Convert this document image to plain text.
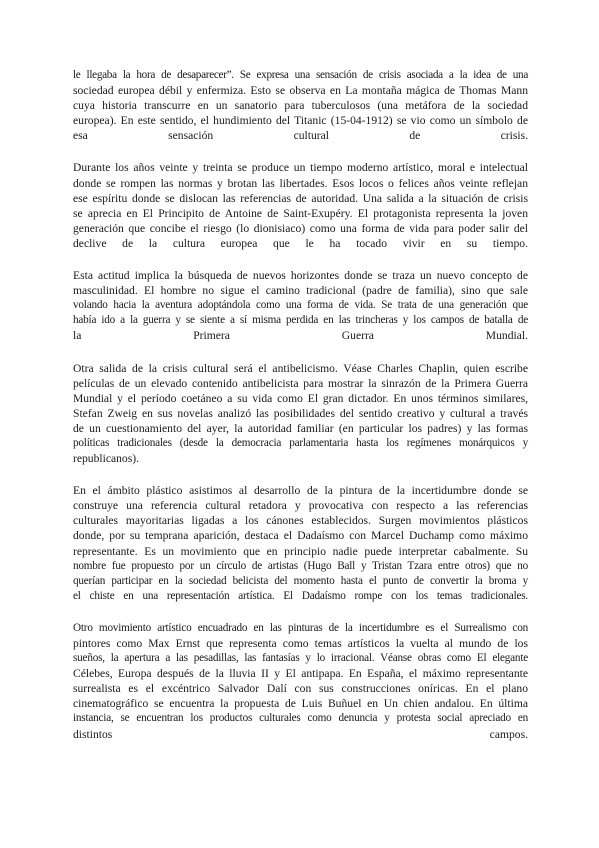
le llegaba la hora de desaparecer”. Se expresa una sensación de crisis asociada a la idea de una
sociedad europea débil y enfermiza. Esto se observa en La montaña mágica de Thomas Mann
cuya historia transcurre en un sanatorio para tuberculosos (una metáfora de la sociedad
europea). En este sentido, el hundimiento del Titanic (15-04-1912) se vio como un símbolo de
esa sensación cultural de crisis.

Durante los años veinte y treinta se produce un tiempo moderno artístico, moral e intelectual
donde se rompen las normas y brotan las libertades. Esos locos o felices años veinte reflejan
ese espíritu donde se dislocan las referencias de autoridad. Una salida a la situación de crisis
se aprecia en El Principito de Antoine de Saint-Exupéry. El protagonista representa la joven
generación que concibe el riesgo (lo dionisiaco) como una forma de vida para poder salir del
declive de la cultura europea que le ha tocado vivir en su tiempo.

Esta actitud implica la búsqueda de nuevos horizontes donde se traza un nuevo concepto de
masculinidad. El hombre no sigue el camino tradicional (padre de familia), sino que sale
volando hacia la aventura adoptándola como una forma de vida. Se trata de una generación que
había ido a la guerra y se siente a sí misma perdida en las trincheras y los campos de batalla de
la Primera Guerra Mundial.

Otra salida de la crisis cultural será el antibelicismo. Véase Charles Chaplin, quien escribe
películas de un elevado contenido antibelicista para mostrar la sinrazón de la Primera Guerra
Mundial y el período coetáneo a su vida como El gran dictador. En unos términos similares,
Stefan Zweig en sus novelas analizó las posibilidades del sentido creativo y cultural a través
de un cuestionamiento del ayer, la autoridad familiar (en particular los padres) y las formas
políticas tradicionales (desde la democracia parlamentaria hasta los regímenes monárquicos y
republicanos).

En el ámbito plástico asistimos al desarrollo de la pintura de la incertidumbre donde se
construye una referencia cultural retadora y provocativa con respecto a las referencias
culturales mayoritarias ligadas a los cánones establecidos. Surgen movimientos plásticos
donde, por su temprana aparición, destaca el Dadaísmo con Marcel Duchamp como máximo
representante. Es un movimiento que en principio nadie puede interpretar cabalmente. Su
nombre fue propuesto por un círculo de artistas (Hugo Ball y Tristan Tzara entre otros) que no
querían participar en la sociedad belicista del momento hasta el punto de convertir la broma y
el chiste en una representación artística. El Dadaísmo rompe con los temas tradicionales.

Otro movimiento artístico encuadrado en las pinturas de la incertidumbre es el Surrealismo con
pintores como Max Ernst que representa como temas artísticos la vuelta al mundo de los
sueños, la apertura a las pesadillas, las fantasías y lo irracional. Véanse obras como El elegante
Célebes, Europa después de la lluvia II y El antipapa. En España, el máximo representante
surrealista es el excéntrico Salvador Dalí con sus construcciones oníricas. En el plano
cinematográfico se encuentra la propuesta de Luis Buñuel en Un chien andalou. En última
instancia, se encuentran los productos culturales como denuncia y protesta social apreciado en
distintos	campos.
